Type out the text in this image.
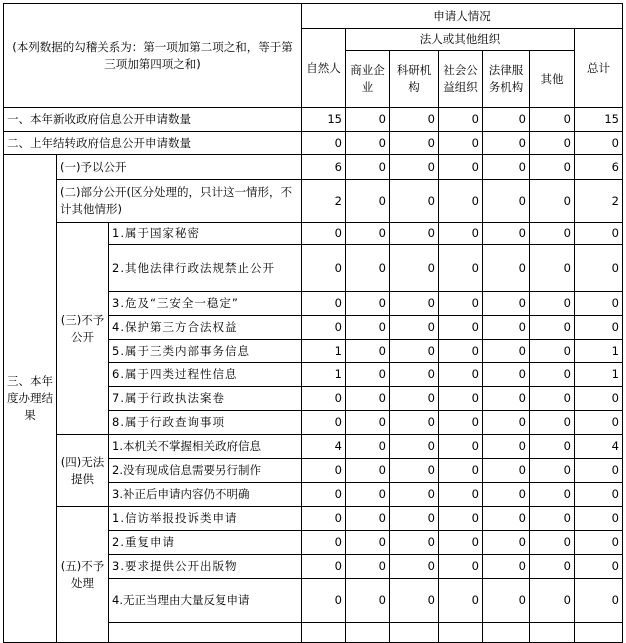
(本列数据的勾稽关系为：第一项加第二项之和，等于第三项加第四项之和)			申请人情况						
			自然人	法人或其他组织					总计
				商业企业	科研机构	社会公益组织	法律服务机构	其他	
一、本年新收政府信息公开申请数量			15	0	0	0	0	0	15
二、上年结转政府信息公开申请数量			0	0	0	0	0	0	0
三、本年度办理结果	(一)予以公开		6	0	0	0	0	0	6
	(二)部分公开(区分处理的，只计这一情形，不计其他情形)		2	0	0	0	0	0	2
	(三)不予公开	1.属于国家秘密	0	0	0	0	0	0	0
		2.其他法律行政法规禁止公开	0	0	0	0	0	0	0
		3.危及“三安全一稳定”	0	0	0	0	0	0	0
		4.保护第三方合法权益	0	0	0	0	0	0	0
		5.属于三类内部事务信息	1	0	0	0	0	0	1
		6.属于四类过程性信息	1	0	0	0	0	0	1
		7.属于行政执法案卷	0	0	0	0	0	0	0
		8.属于行政查询事项	0	0	0	0	0	0	0
	(四)无法提供	1.本机关不掌握相关政府信息	4	0	0	0	0	0	4
		2.没有现成信息需要另行制作	0	0	0	0	0	0	0
		3.补正后申请内容仍不明确	0	0	0	0	0	0	0
	(五)不予处理	1.信访举报投诉类申请	0	0	0	0	0	0	0
		2.重复申请	0	0	0	0	0	0	0
		3.要求提供公开出版物	0	0	0	0	0	0	0
		4.无正当理由大量反复申请	0	0	0	0	0	0	0
